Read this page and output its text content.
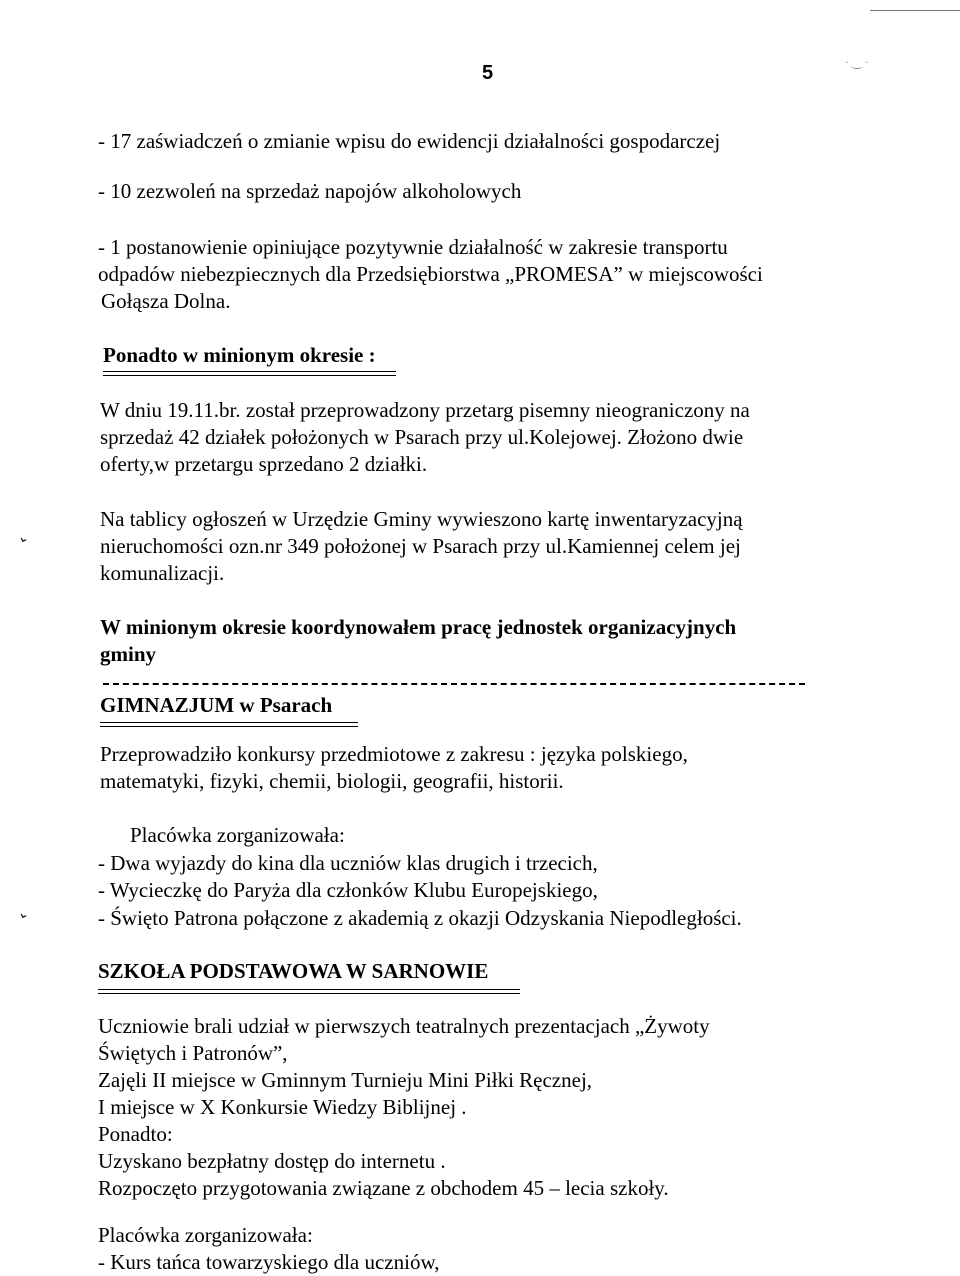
· ‿ ·
5
- 17 zaświadczeń o zmianie wpisu do ewidencji działalności gospodarczej
- 10 zezwoleń na sprzedaż napojów alkoholowych
- 1 postanowienie opiniujące pozytywnie działalność w zakresie transportu
odpadów niebezpiecznych dla Przedsiębiorstwa „PROMESA” w miejscowości
Gołąsza Dolna.
Ponadto w minionym okresie :
W dniu 19.11.br. został przeprowadzony przetarg pisemny nieograniczony na
sprzedaż 42 działek położonych w Psarach przy ul.Kolejowej. Złożono dwie
oferty,w przetargu sprzedano 2 działki.
⌄
Na tablicy ogłoszeń w Urzędzie Gminy wywieszono kartę inwentaryzacyjną
nieruchomości ozn.nr 349 położonej w Psarach przy ul.Kamiennej celem jej
komunalizacji.
W minionym okresie koordynowałem pracę jednostek organizacyjnych
gminy
GIMNAZJUM w Psarach
Przeprowadziło konkursy przedmiotowe z zakresu : języka polskiego,
matematyki, fizyki, chemii, biologii, geografii, historii.
Placówka zorganizowała:
- Dwa wyjazdy do kina dla uczniów klas drugich i trzecich,
- Wycieczkę do Paryża dla członków Klubu Europejskiego,
⌄	- Święto Patrona połączone z akademią z okazji Odzyskania Niepodległości.
SZKOŁA PODSTAWOWA W SARNOWIE
Uczniowie brali udział w pierwszych teatralnych prezentacjach „Żywoty
Świętych i Patronów”,
Zajęli II miejsce w Gminnym Turnieju Mini Piłki Ręcznej,
I miejsce w X Konkursie Wiedzy Biblijnej .
Ponadto:
Uzyskano bezpłatny dostęp do internetu .
Rozpoczęto przygotowania związane z obchodem 45 – lecia szkoły.
Placówka zorganizowała:
- Kurs tańca towarzyskiego dla uczniów,
